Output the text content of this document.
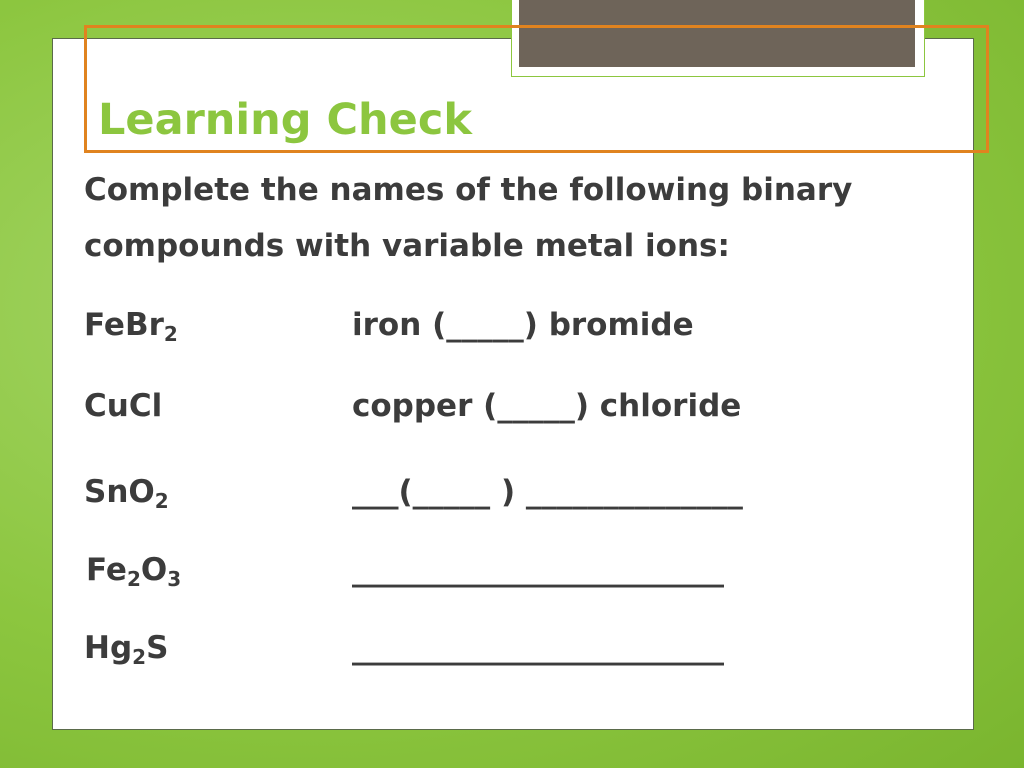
Learning Check
Complete the names of the following binary compounds with variable metal ions:
FeBr$_2$	iron (_____) bromide
CuCl	copper (_____) chloride
SnO$_2$	___(_____ ) ______________
$Fe_2O_3$	________________________
$Hg_2S$	________________________
